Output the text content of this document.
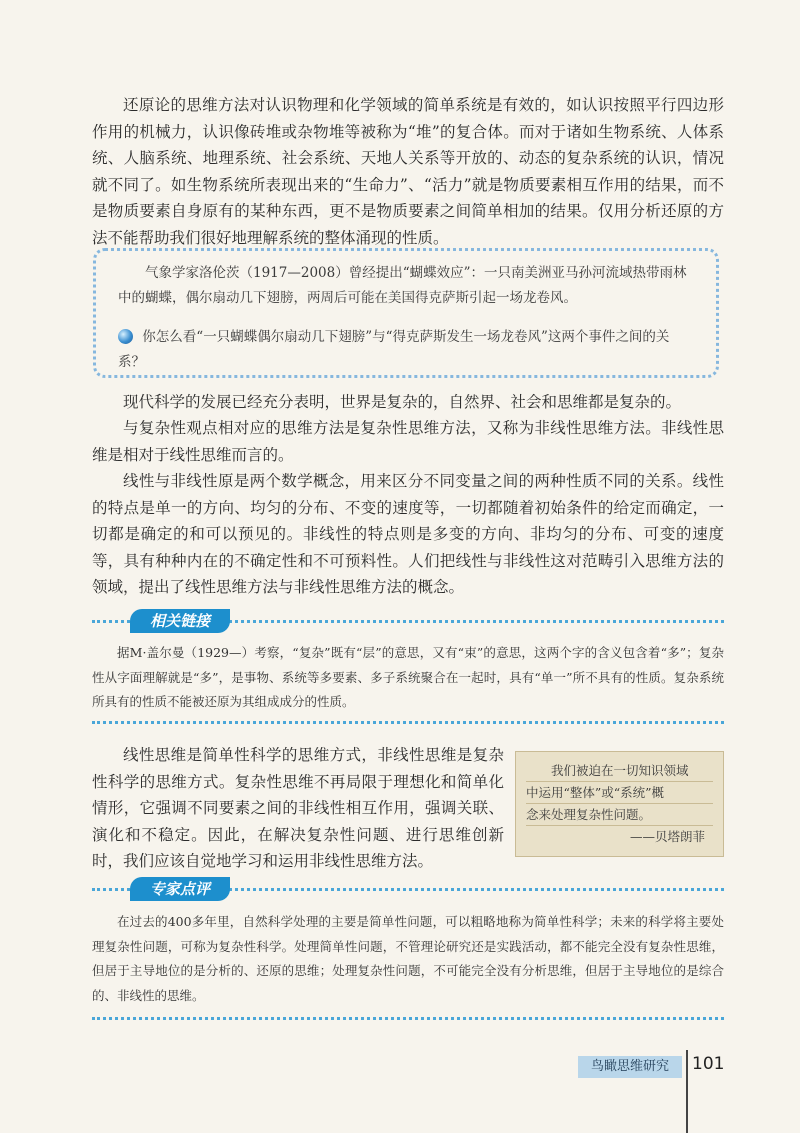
还原论的思维方法对认识物理和化学领域的简单系统是有效的，如认识按照平行四边形作用的机械力，认识像砖堆或杂物堆等被称为“堆”的复合体。而对于诸如生物系统、人体系统、人脑系统、地理系统、社会系统、天地人关系等开放的、动态的复杂系统的认识，情况就不同了。如生物系统所表现出来的“生命力”、“活力”就是物质要素相互作用的结果，而不是物质要素自身原有的某种东西，更不是物质要素之间简单相加的结果。仅用分析还原的方法不能帮助我们很好地理解系统的整体涌现的性质。

气象学家洛伦茨（1917—2008）曾经提出“蝴蝶效应”：一只南美洲亚马孙河流域热带雨林中的蝴蝶，偶尔扇动几下翅膀，两周后可能在美国得克萨斯引起一场龙卷风。

你怎么看“一只蝴蝶偶尔扇动几下翅膀”与“得克萨斯发生一场龙卷风”这两个事件之间的关系？

现代科学的发展已经充分表明，世界是复杂的，自然界、社会和思维都是复杂的。

与复杂性观点相对应的思维方法是复杂性思维方法，又称为非线性思维方法。非线性思维是相对于线性思维而言的。

线性与非线性原是两个数学概念，用来区分不同变量之间的两种性质不同的关系。线性的特点是单一的方向、均匀的分布、不变的速度等，一切都随着初始条件的给定而确定，一切都是确定的和可以预见的。非线性的特点则是多变的方向、非均匀的分布、可变的速度等，具有种种内在的不确定性和不可预料性。人们把线性与非线性这对范畴引入思维方法的领域，提出了线性思维方法与非线性思维方法的概念。

相关链接

据M·盖尔曼（1929—）考察，“复杂”既有“层”的意思，又有“束”的意思，这两个字的含义包含着“多”；复杂性从字面理解就是“多”，是事物、系统等多要素、多子系统聚合在一起时，具有“单一”所不具有的性质。复杂系统所具有的性质不能被还原为其组成成分的性质。

线性思维是简单性科学的思维方式，非线性思维是复杂性科学的思维方式。复杂性思维不再局限于理想化和简单化情形，它强调不同要素之间的非线性相互作用，强调关联、演化和不稳定。因此，在解决复杂性问题、进行思维创新时，我们应该自觉地学习和运用非线性思维方法。

我们被迫在一切知识领域

中运用“整体”或“系统”概

念来处理复杂性问题。

——贝塔朗菲

专家点评

在过去的400多年里，自然科学处理的主要是简单性问题，可以粗略地称为简单性科学；未来的科学将主要处理复杂性问题，可称为复杂性科学。处理简单性问题，不管理论研究还是实践活动，都不能完全没有复杂性思维，但居于主导地位的是分析的、还原的思维；处理复杂性问题，不可能完全没有分析思维，但居于主导地位的是综合的、非线性的思维。

鸟瞰思维研究	101
